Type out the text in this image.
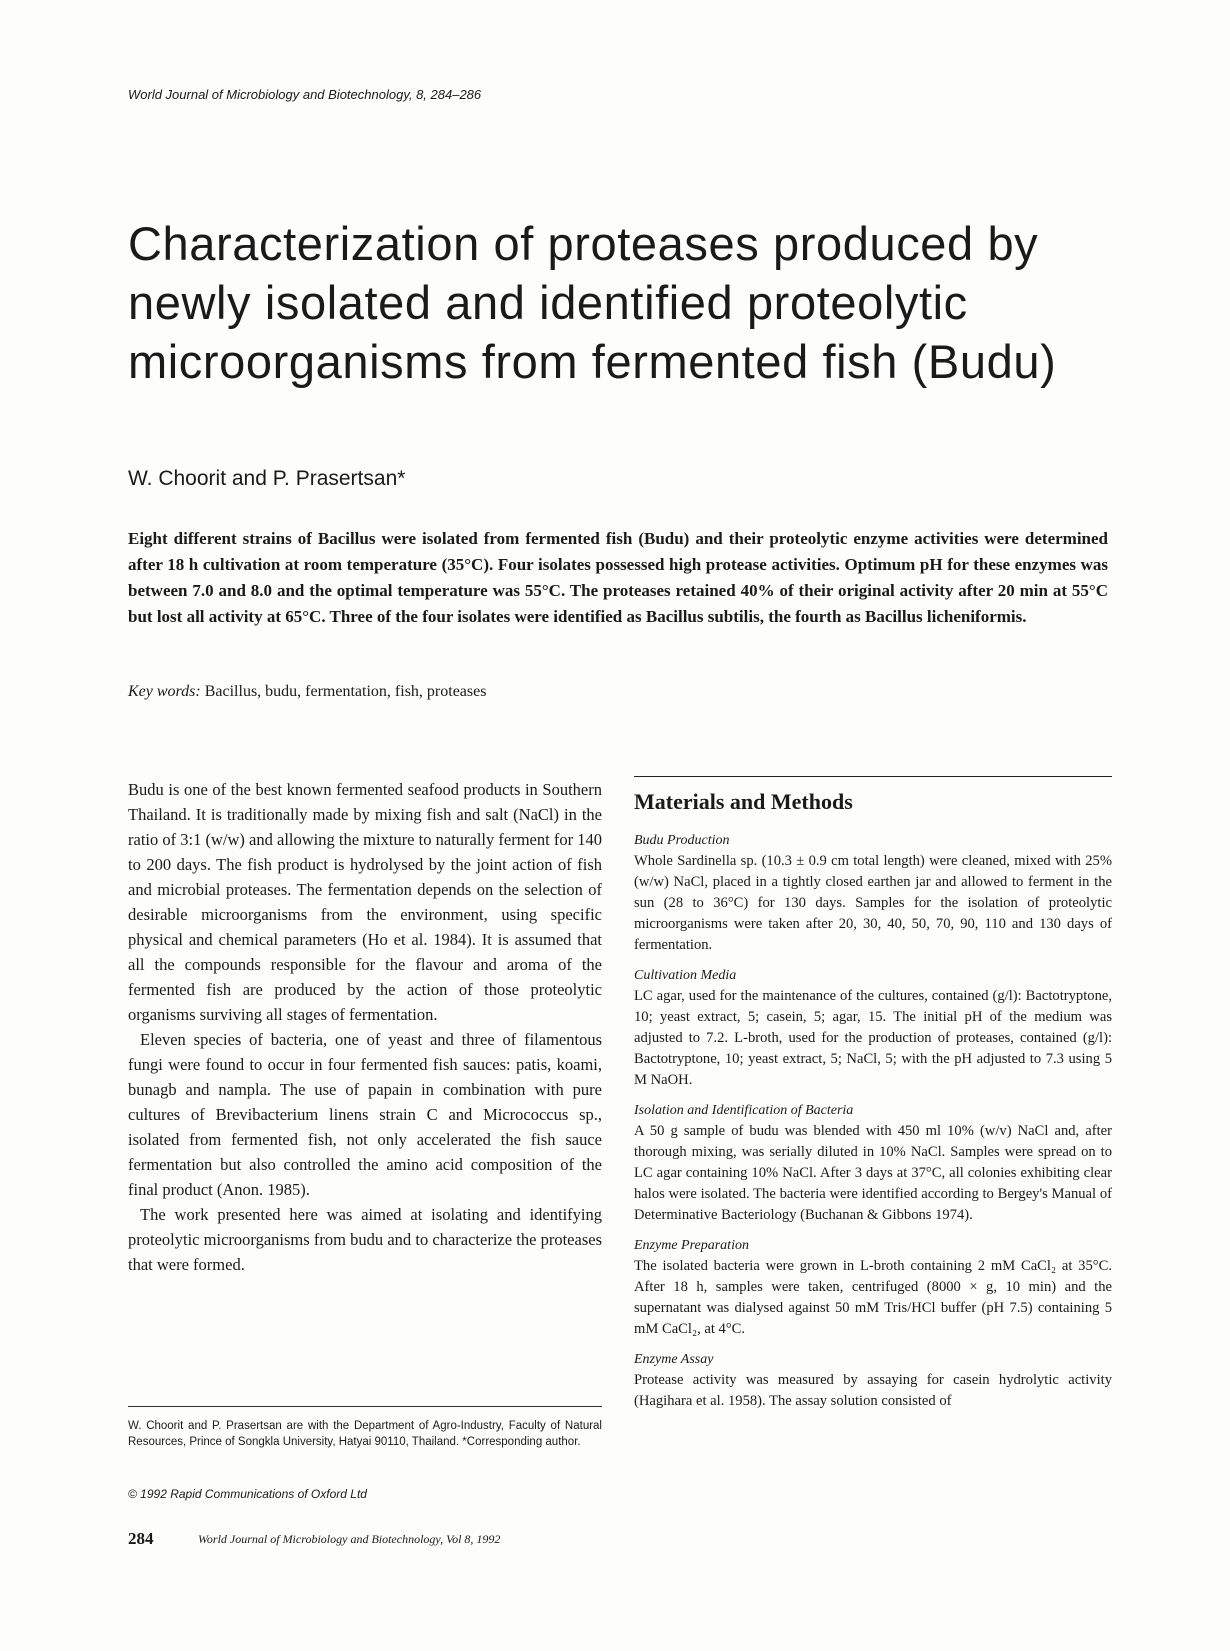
World Journal of Microbiology and Biotechnology, 8, 284–286
Characterization of proteases produced by newly isolated and identified proteolytic microorganisms from fermented fish (Budu)
W. Choorit and P. Prasertsan*

Eight different strains of Bacillus were isolated from fermented fish (Budu) and their proteolytic enzyme activities were determined after 18 h cultivation at room temperature (35°C). Four isolates possessed high protease activities. Optimum pH for these enzymes was between 7.0 and 8.0 and the optimal temperature was 55°C. The proteases retained 40% of their original activity after 20 min at 55°C but lost all activity at 65°C. Three of the four isolates were identified as Bacillus subtilis, the fourth as Bacillus licheniformis.

Key words: Bacillus, budu, fermentation, fish, proteases

Budu is one of the best known fermented seafood products in Southern Thailand. It is traditionally made by mixing fish and salt (NaCl) in the ratio of 3:1 (w/w) and allowing the mixture to naturally ferment for 140 to 200 days. The fish product is hydrolysed by the joint action of fish and microbial proteases. The fermentation depends on the selection of desirable microorganisms from the environment, using specific physical and chemical parameters (Ho et al. 1984). It is assumed that all the compounds responsible for the flavour and aroma of the fermented fish are produced by the action of those proteolytic organisms surviving all stages of fermentation.

Eleven species of bacteria, one of yeast and three of filamentous fungi were found to occur in four fermented fish sauces: patis, koami, bunagb and nampla. The use of papain in combination with pure cultures of Brevibacterium linens strain C and Micrococcus sp., isolated from fermented fish, not only accelerated the fish sauce fermentation but also controlled the amino acid composition of the final product (Anon. 1985).

The work presented here was aimed at isolating and identifying proteolytic microorganisms from budu and to characterize the proteases that were formed.

Materials and Methods

Budu Production

Whole Sardinella sp. (10.3 ± 0.9 cm total length) were cleaned, mixed with 25% (w/w) NaCl, placed in a tightly closed earthen jar and allowed to ferment in the sun (28 to 36°C) for 130 days. Samples for the isolation of proteolytic microorganisms were taken after 20, 30, 40, 50, 70, 90, 110 and 130 days of fermentation.

Cultivation Media

LC agar, used for the maintenance of the cultures, contained (g/l): Bactotryptone, 10; yeast extract, 5; casein, 5; agar, 15. The initial pH of the medium was adjusted to 7.2. L-broth, used for the production of proteases, contained (g/l): Bactotryptone, 10; yeast extract, 5; NaCl, 5; with the pH adjusted to 7.3 using 5 M NaOH.

Isolation and Identification of Bacteria

A 50 g sample of budu was blended with 450 ml 10% (w/v) NaCl and, after thorough mixing, was serially diluted in 10% NaCl. Samples were spread on to LC agar containing 10% NaCl. After 3 days at 37°C, all colonies exhibiting clear halos were isolated. The bacteria were identified according to Bergey's Manual of Determinative Bacteriology (Buchanan & Gibbons 1974).

Enzyme Preparation

The isolated bacteria were grown in L-broth containing 2 mM CaCl₂ at 35°C. After 18 h, samples were taken, centrifuged (8000 × g, 10 min) and the supernatant was dialysed against 50 mM Tris/HCl buffer (pH 7.5) containing 5 mM CaCl₂, at 4°C.

Enzyme Assay

Protease activity was measured by assaying for casein hydrolytic activity (Hagihara et al. 1958). The assay solution consisted of

W. Choorit and P. Prasertsan are with the Department of Agro-Industry, Faculty of Natural Resources, Prince of Songkla University, Hatyai 90110, Thailand. *Corresponding author.
© 1992 Rapid Communications of Oxford Ltd
284	World Journal of Microbiology and Biotechnology, Vol 8, 1992
